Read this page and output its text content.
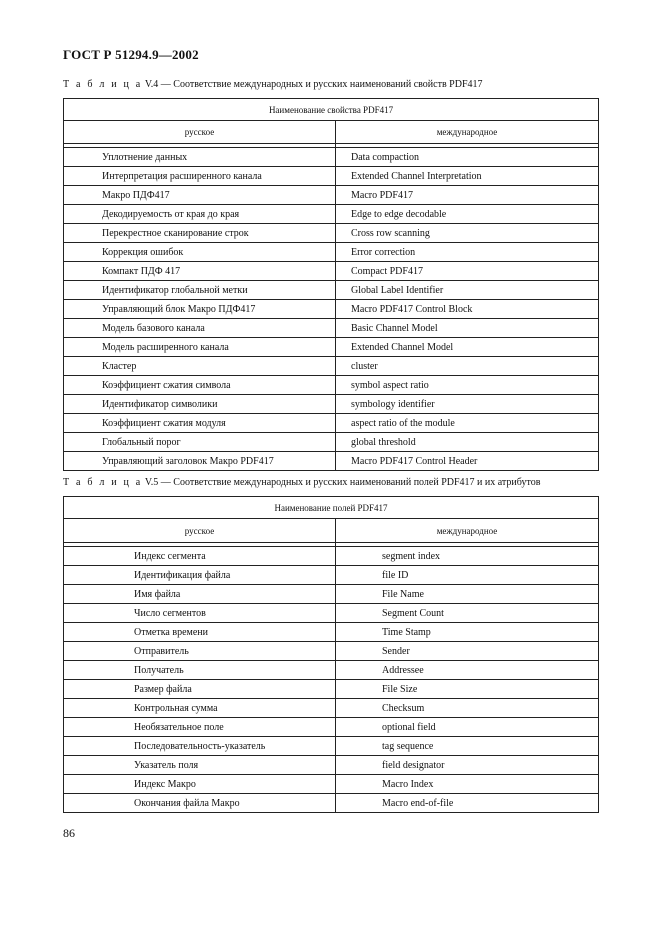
ГОСТ Р 51294.9—2002
Т а б л и ц а V.4 — Соответствие международных и русских наименований свойств PDF417
Наименование свойства PDF417	
русское	международное

Уплотнение данных	Data compaction
Интерпретация расширенного канала	Extended Channel Interpretation
Макро ПДФ417	Macro PDF417
Декодируемость от края до края	Edge to edge decodable
Перекрестное сканирование строк	Cross row scanning
Коррекция ошибок	Error correction
Компакт ПДФ 417	Compact PDF417
Идентификатор глобальной метки	Global Label Identifier
Управляющий блок Макро ПДФ417	Macro PDF417 Control Block
Модель базового канала	Basic Channel Model
Модель расширенного канала	Extended Channel Model
Кластер	cluster
Коэффициент сжатия символа	symbol aspect ratio
Идентификатор символики	symbology identifier
Коэффициент сжатия модуля	aspect ratio of the module
Глобальный порог	global threshold
Управляющий заголовок Макро PDF417	Macro PDF417 Control Header
Т а б л и ц а V.5 — Соответствие международных и русских наименований полей PDF417 и их атрибутов
Наименование полей PDF417	
русское	международное

Индекс сегмента	segment index
Идентификация файла	file ID
Имя файла	File Name
Число сегментов	Segment Count
Отметка времени	Time Stamp
Отправитель	Sender
Получатель	Addressee
Размер файла	File Size
Контрольная сумма	Checksum
Необязательное поле	optional field
Последовательность-указатель	tag sequence
Указатель поля	field designator
Индекс Макро	Macro Index
Окончания файла Макро	Macro end-of-file
86
